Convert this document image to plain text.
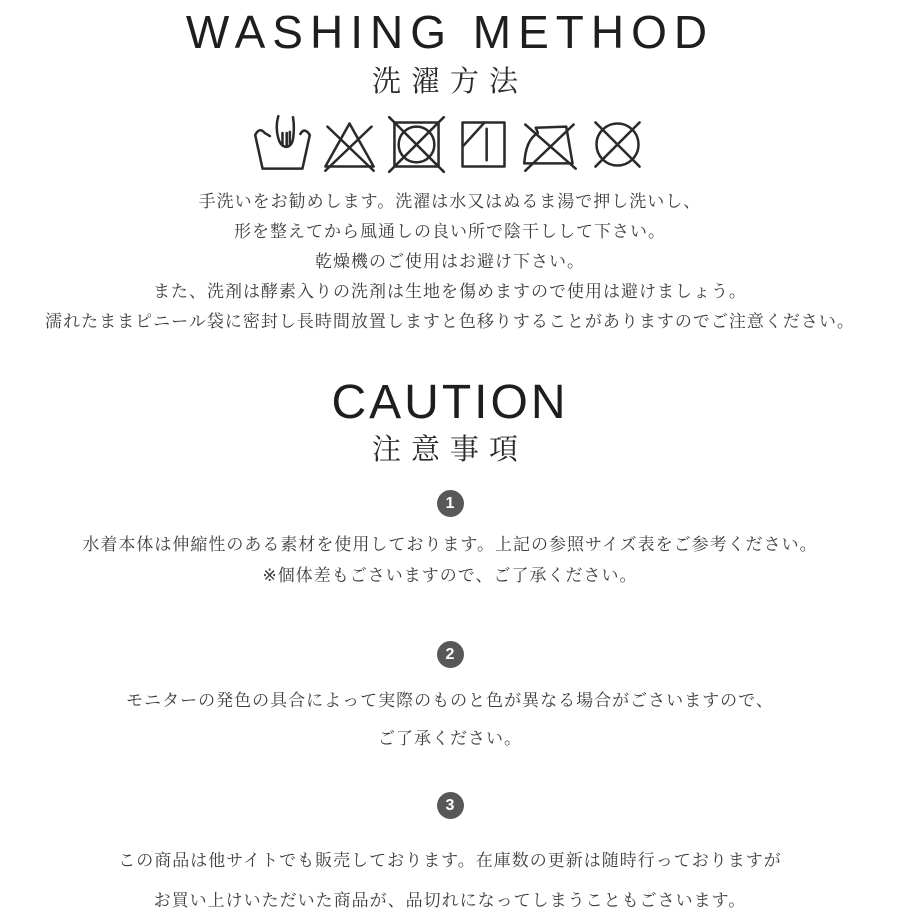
WASHING METHOD
洗濯方法

手洗いをお勧めします。洗濯は水又はぬるま湯で押し洗いし、

形を整えてから風通しの良い所で陰干しして下さい。

乾燥機のご使用はお避け下さい。

また、洗剤は酵素入りの洗剤は生地を傷めますので使用は避けましょう。

濡れたままピニール袋に密封し長時間放置しますと色移りすることがありますのでご注意ください。

CAUTION
注意事項
1

水着本体は伸縮性のある素材を使用しております。上記の参照サイズ表をご参考ください。

※個体差もごさいますので、ご了承ください。

2

モニターの発色の具合によって実際のものと色が異なる場合がごさいますので、

ご了承ください。

3

この商品は他サイトでも販売しております。在庫数の更新は随時行っておりますが

お買い上けいただいた商品が、品切れになってしまうこともごさいます。
